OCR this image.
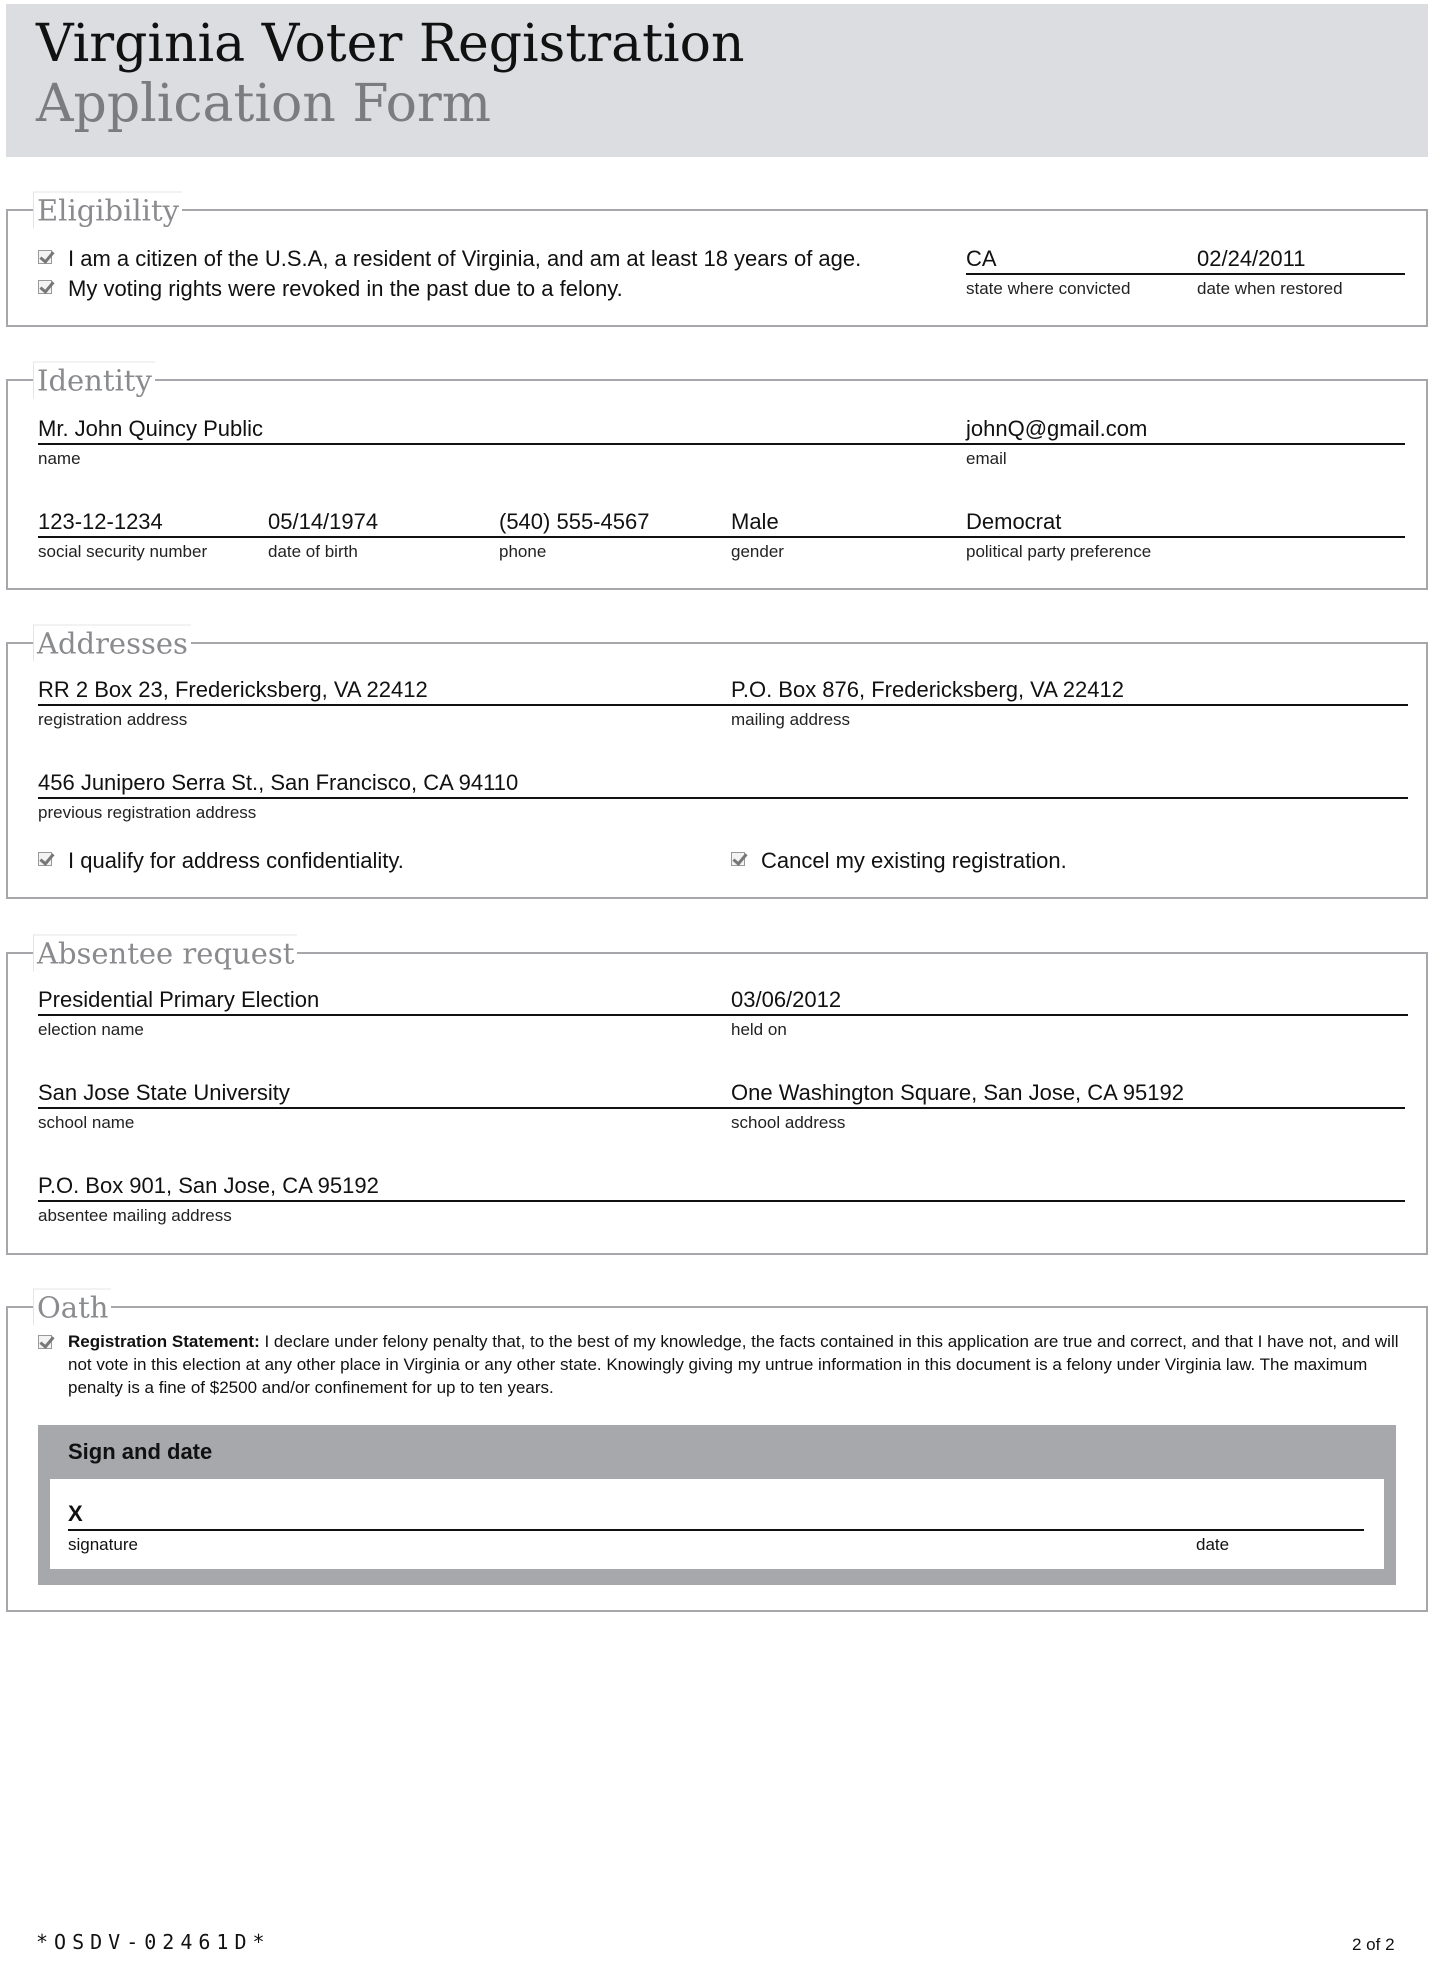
Virginia Voter Registration
Application Form
Eligibility
I am a citizen of the U.S.A, a resident of Virginia, and am at least 18 years of age.
My voting rights were revoked in the past due to a felony.
CA
state where convicted
02/24/2011
date when restored
Identity
Mr. John Quincy Public
name
johnQ@gmail.com
email
123-12-1234
social security number
05/14/1974
date of birth
(540) 555-4567
phone
Male
gender
Democrat
political party preference
Addresses
RR 2 Box 23, Fredericksberg, VA 22412
registration address
P.O. Box 876, Fredericksberg, VA 22412
mailing address
456 Junipero Serra St., San Francisco, CA 94110
previous registration address
I qualify for address confidentiality.	Cancel my existing registration.
Absentee request
Presidential Primary Election
election name
03/06/2012
held on
San Jose State University
school name
One Washington Square, San Jose, CA 95192
school address
P.O. Box 901, San Jose, CA 95192
absentee mailing address
Oath
Registration Statement: I declare under felony penalty that, to the best of my knowledge, the facts contained in this application are true and correct, and that I have not, and will not vote in this election at any other place in Virginia or any other state. Knowingly giving my untrue information in this document is a felony under Virginia law. The maximum penalty is a fine of $2500 and/or confinement for up to ten years.
Sign and date
X
signature	date
*OSDV-02461D*	2 of 2
